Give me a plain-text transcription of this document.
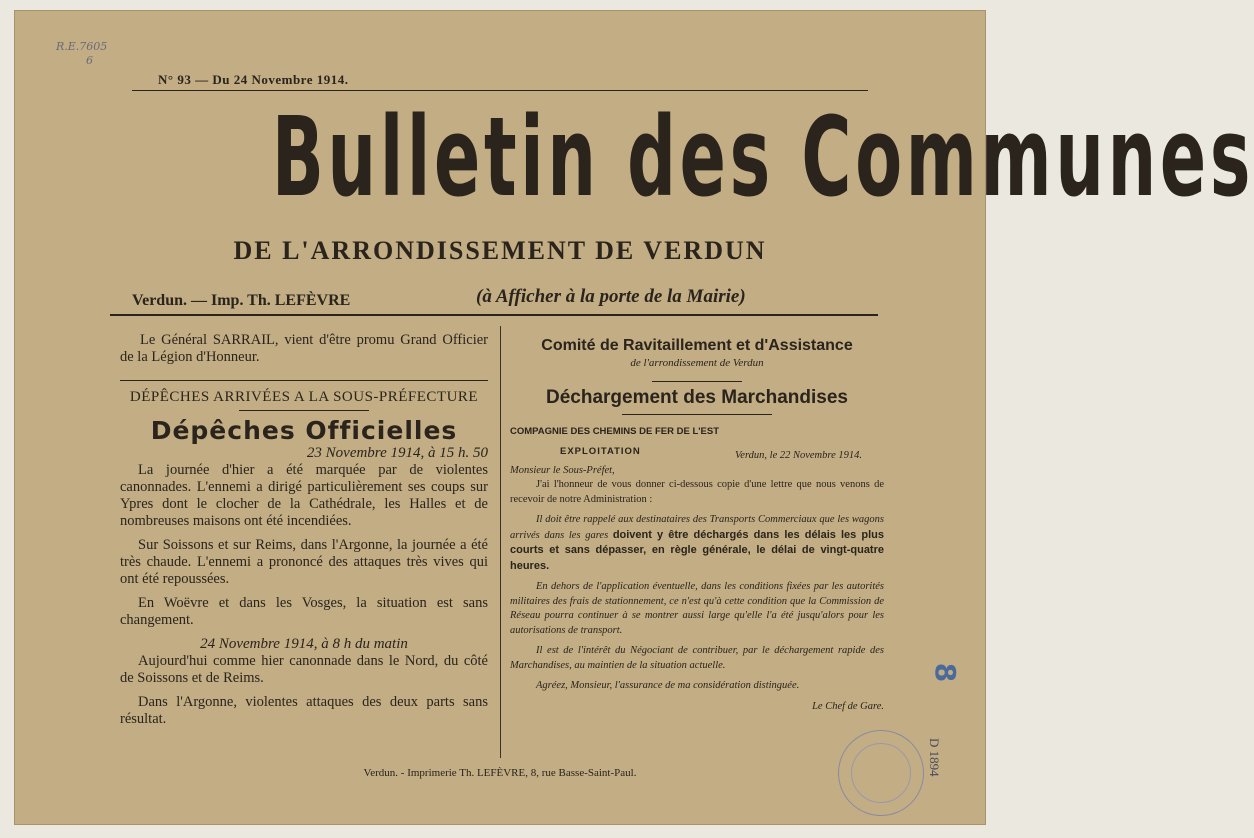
R.E.7605
6
N° 93 — Du 24 Novembre 1914.
Bulletin des Communes
DE L'ARRONDISSEMENT DE VERDUN
Verdun. — Imp. Th. LEFÈVRE	(à Afficher à la porte de la Mairie)

Le Général SARRAIL, vient d'être promu Grand Officier de la Légion d'Honneur.

DÉPÊCHES ARRIVÉES A LA SOUS-PRÉFECTURE
Dépêches Officielles

23 Novembre 1914, à 15 h. 50

La journée d'hier a été marquée par de violentes canonnades. L'ennemi a dirigé particulièrement ses coups sur Ypres dont le clocher de la Cathédrale, les Halles et de nombreuses maisons ont été incendiées.

Sur Soissons et sur Reims, dans l'Argonne, la journée a été très chaude. L'ennemi a prononcé des attaques très vives qui ont été repoussées.

En Woëvre et dans les Vosges, la situation est sans changement.

24 Novembre 1914, à 8 h du matin

Aujourd'hui comme hier canonnade dans le Nord, du côté de Soissons et de Reims.

Dans l'Argonne, violentes attaques des deux parts sans résultat.

Comité de Ravitaillement et d'Assistance
de l'arrondissement de Verdun
Déchargement des Marchandises
COMPAGNIE DES CHEMINS DE FER DE L'EST
EXPLOITATION	Verdun, le 22 Novembre 1914.

Monsieur le Sous-Préfet,

J'ai l'honneur de vous donner ci-dessous copie d'une lettre que nous venons de recevoir de notre Administration :

Il doit être rappelé aux destinataires des Transports Commerciaux que les wagons arrivés dans les gares doivent y être déchargés dans les délais les plus courts et sans dépasser, en règle générale, le délai de vingt-quatre heures.

En dehors de l'application éventuelle, dans les conditions fixées par les autorités militaires des frais de stationnement, ce n'est qu'à cette condition que la Commission de Réseau pourra continuer à se montrer aussi large qu'elle l'a été jusqu'alors pour les autorisations de transport.

Il est de l'intérêt du Négociant de contribuer, par le déchargement rapide des Marchandises, au maintien de la situation actuelle.

Agréez, Monsieur, l'assurance de ma considération distinguée.

Le Chef de Gare.

Verdun. - Imprimerie Th. LEFÈVRE, 8, rue Basse-Saint-Paul.
8
D 1894
